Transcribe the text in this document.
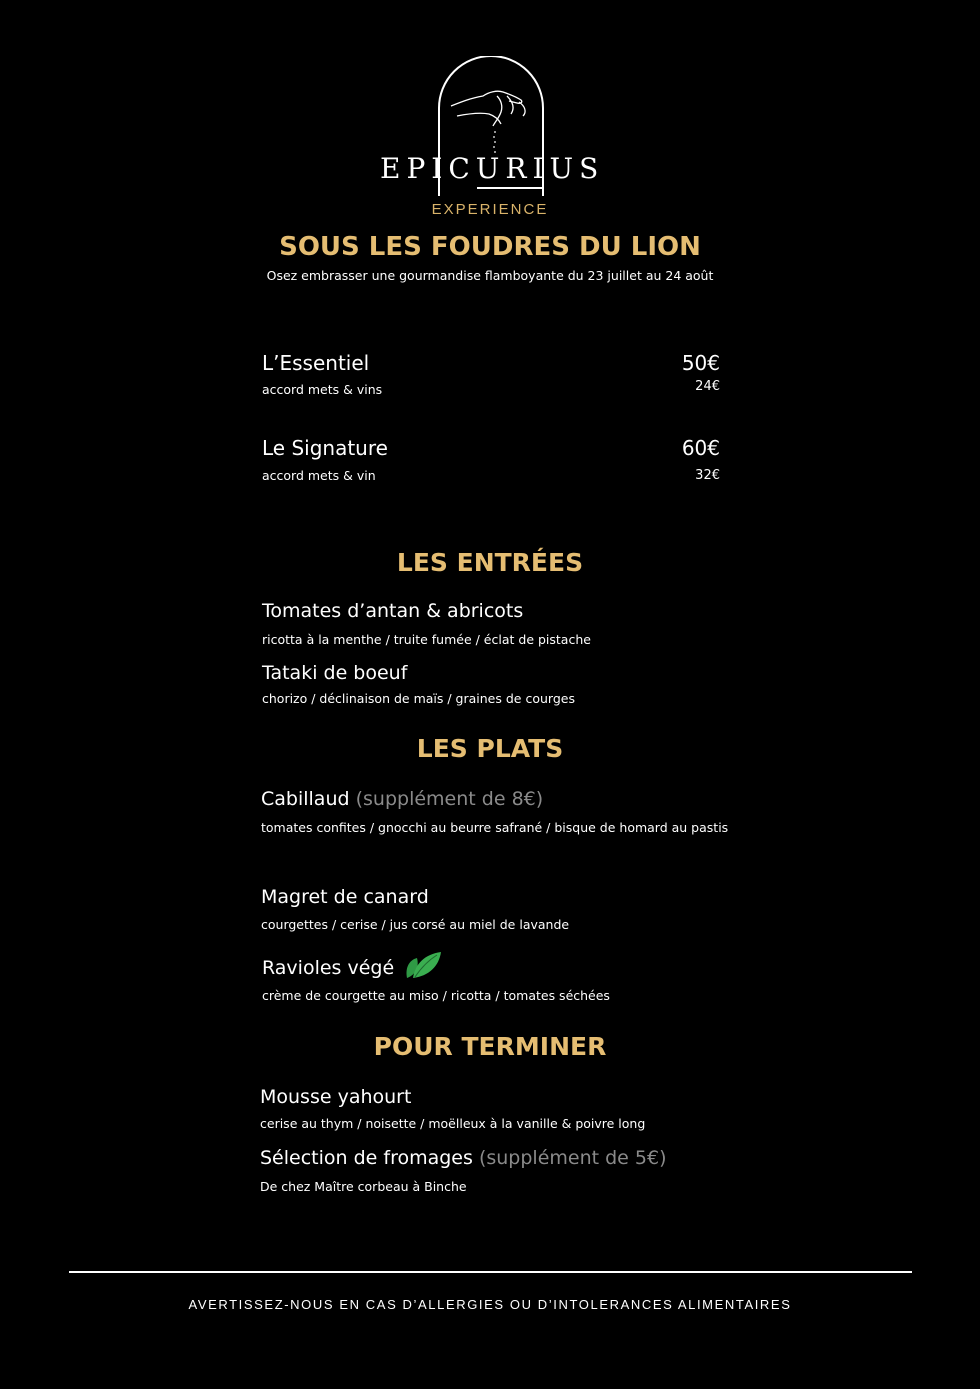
EPICURIUS
EXPERIENCE
SOUS LES FOUDRES DU LION
Osez embrasser une gourmandise flamboyante du 23 juillet au 24 août
L’Essentiel	50€
accord mets & vins	24€
Le Signature	60€
accord mets & vin	32€
LES ENTRÉES
Tomates d’antan & abricots
ricotta à la menthe / truite fumée / éclat de pistache
Tataki de boeuf
chorizo / déclinaison de maïs / graines de courges
LES PLATS
Cabillaud (supplément de 8€)
tomates confites / gnocchi au beurre safrané / bisque de homard au pastis
Magret de canard
courgettes / cerise / jus corsé au miel de lavande
Ravioles végé
crème de courgette au miso / ricotta / tomates séchées
POUR TERMINER
Mousse yahourt
cerise au thym / noisette / moëlleux à la vanille & poivre long
Sélection de fromages (supplément de 5€)
De chez Maître corbeau à Binche
AVERTISSEZ-NOUS EN CAS D’ALLERGIES OU D’INTOLERANCES ALIMENTAIRES
